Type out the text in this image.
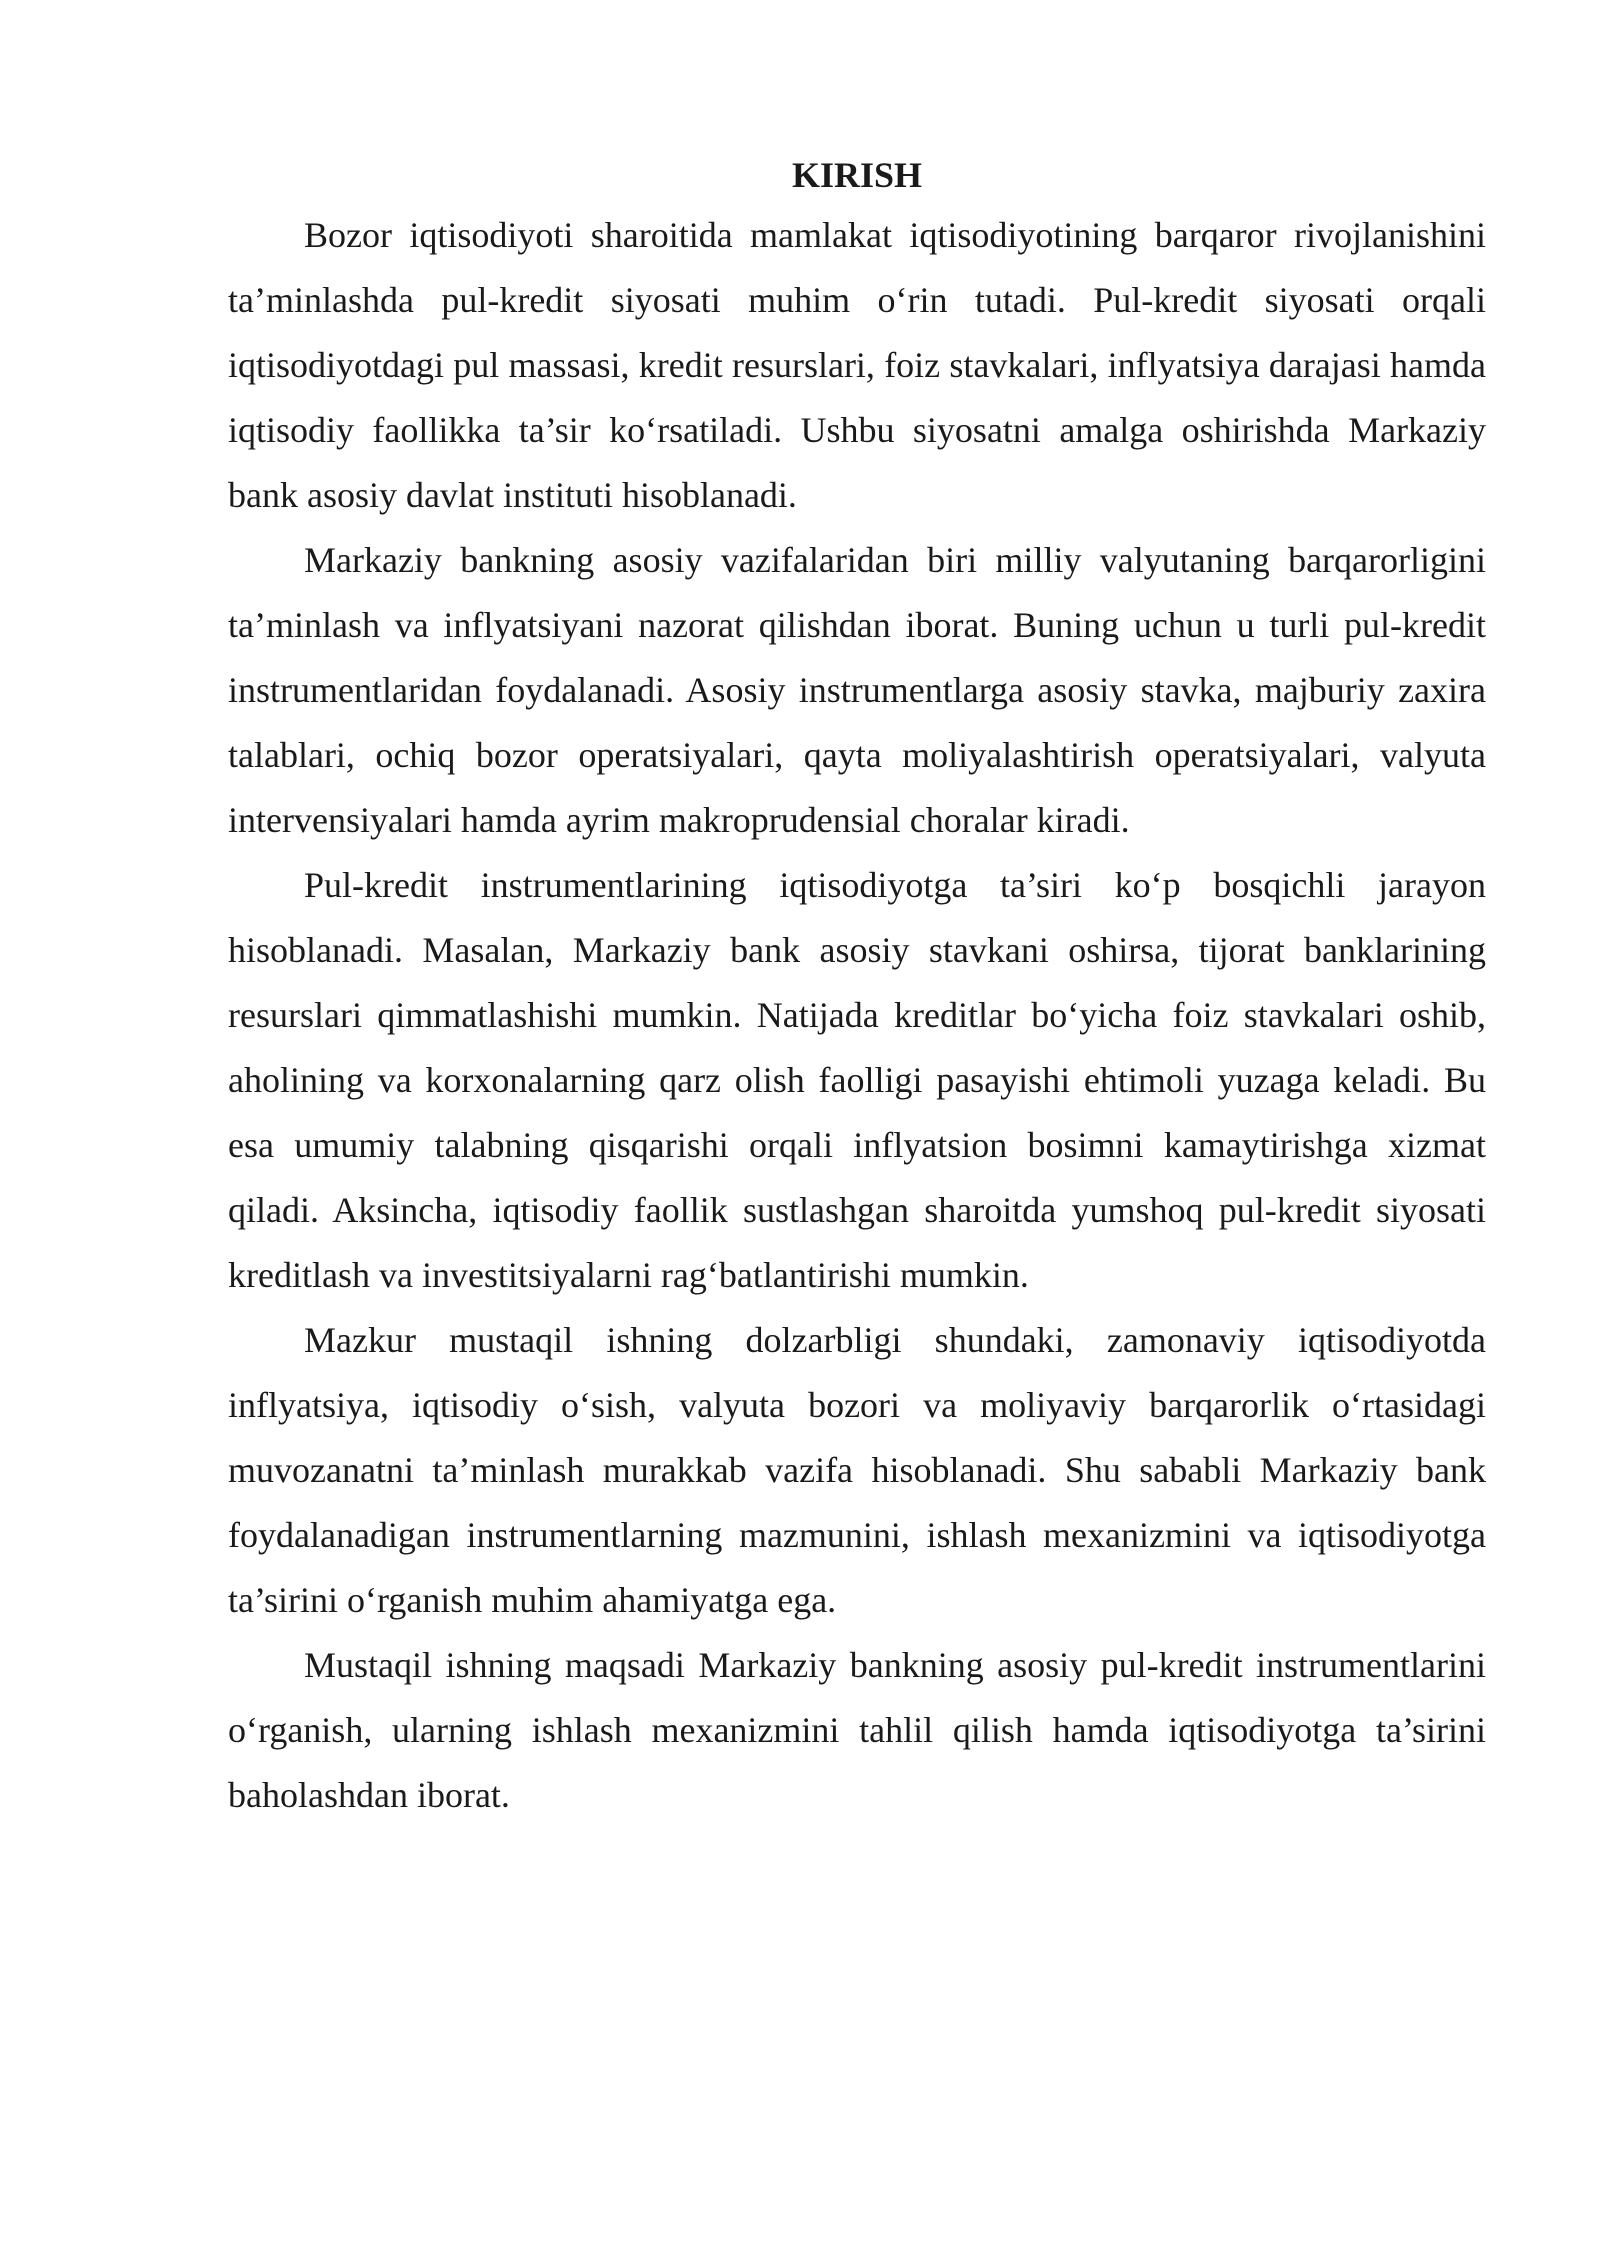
KIRISH

Bozor iqtisodiyoti sharoitida mamlakat iqtisodiyotining barqaror rivojlanishini ta’minlashda pul-kredit siyosati muhim o‘rin tutadi. Pul-kredit siyosati orqali iqtisodiyotdagi pul massasi, kredit resurslari, foiz stavkalari, inflyatsiya darajasi hamda iqtisodiy faollikka ta’sir ko‘rsatiladi. Ushbu siyosatni amalga oshirishda Markaziy bank asosiy davlat instituti hisoblanadi.

Markaziy bankning asosiy vazifalaridan biri milliy valyutaning barqarorligini ta’minlash va inflyatsiyani nazorat qilishdan iborat. Buning uchun u turli pul-kredit instrumentlaridan foydalanadi. Asosiy instrumentlarga asosiy stavka, majburiy zaxira talablari, ochiq bozor operatsiyalari, qayta moliyalashtirish operatsiyalari, valyuta intervensiyalari hamda ayrim makroprudensial choralar kiradi.

Pul-kredit instrumentlarining iqtisodiyotga ta’siri ko‘p bosqichli jarayon hisoblanadi. Masalan, Markaziy bank asosiy stavkani oshirsa, tijorat banklarining resurslari qimmatlashishi mumkin. Natijada kreditlar bo‘yicha foiz stavkalari oshib, aholining va korxonalarning qarz olish faolligi pasayishi ehtimoli yuzaga keladi. Bu esa umumiy talabning qisqarishi orqali inflyatsion bosimni kamaytirishga xizmat qiladi. Aksincha, iqtisodiy faollik sustlashgan sharoitda yumshoq pul-kredit siyosati kreditlash va investitsiyalarni rag‘batlantirishi mumkin.

Mazkur mustaqil ishning dolzarbligi shundaki, zamonaviy iqtisodiyotda inflyatsiya, iqtisodiy o‘sish, valyuta bozori va moliyaviy barqarorlik o‘rtasidagi muvozanatni ta’minlash murakkab vazifa hisoblanadi. Shu sababli Markaziy bank foydalanadigan instrumentlarning mazmunini, ishlash mexanizmini va iqtisodiyotga ta’sirini o‘rganish muhim ahamiyatga ega.

Mustaqil ishning maqsadi Markaziy bankning asosiy pul-kredit instrumentlarini o‘rganish, ularning ishlash mexanizmini tahlil qilish hamda iqtisodiyotga ta’sirini baholashdan iborat.
